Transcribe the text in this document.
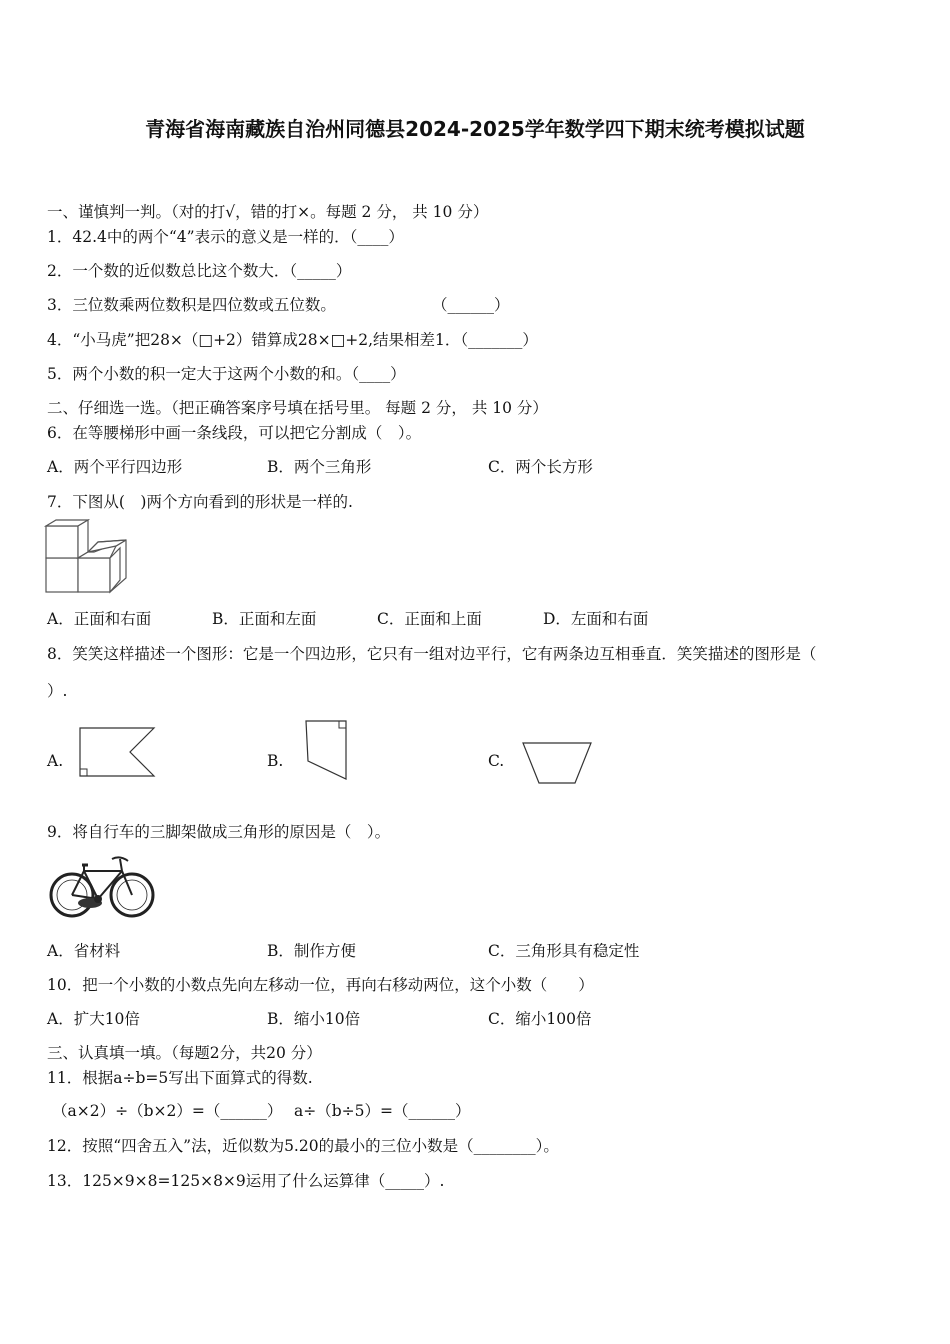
青海省海南藏族自治州同德县2024-2025学年数学四下期末统考模拟试题
一、谨慎判一判。（对的打√，错的打×。每题 2 分， 共 10 分）
1．42.4中的两个“4”表示的意义是一样的．（____）
2．一个数的近似数总比这个数大．（_____）
3．三位数乘两位数积是四位数或五位数。	（______）
4．“小马虎”把28×（□+2）错算成28×□+2,结果相差1．（_______）
5．两个小数的积一定大于这两个小数的和。（____）
二、仔细选一选。（把正确答案序号填在括号里。 每题 2 分， 共 10 分）
6．在等腰梯形中画一条线段，可以把它分割成（　）。
A．两个平行四边形	B．两个三角形	C．两个长方形
7．下图从(　)两个方向看到的形状是一样的.
A．正面和右面	B．正面和左面	C．正面和上面	D．左面和右面
8．笑笑这样描述一个图形：它是一个四边形，它只有一组对边平行，它有两条边互相垂直．笑笑描述的图形是（
）.
A.	B.	C.
9．将自行车的三脚架做成三角形的原因是（　）。
A．省材料	B．制作方便	C．三角形具有稳定性
10．把一个小数的小数点先向左移动一位，再向右移动两位，这个小数（　　）
A．扩大10倍	B．缩小10倍	C．缩小100倍
三、认真填一填。（每题2分，共20 分）
11．根据a÷b=5写出下面算式的得数.
（a×2）÷（b×2）=（______） a÷（b÷5）=（______）
12．按照“四舍五入”法，近似数为5.20的最小的三位小数是（________）。
13．125×9×8=125×8×9运用了什么运算律（_____）.
